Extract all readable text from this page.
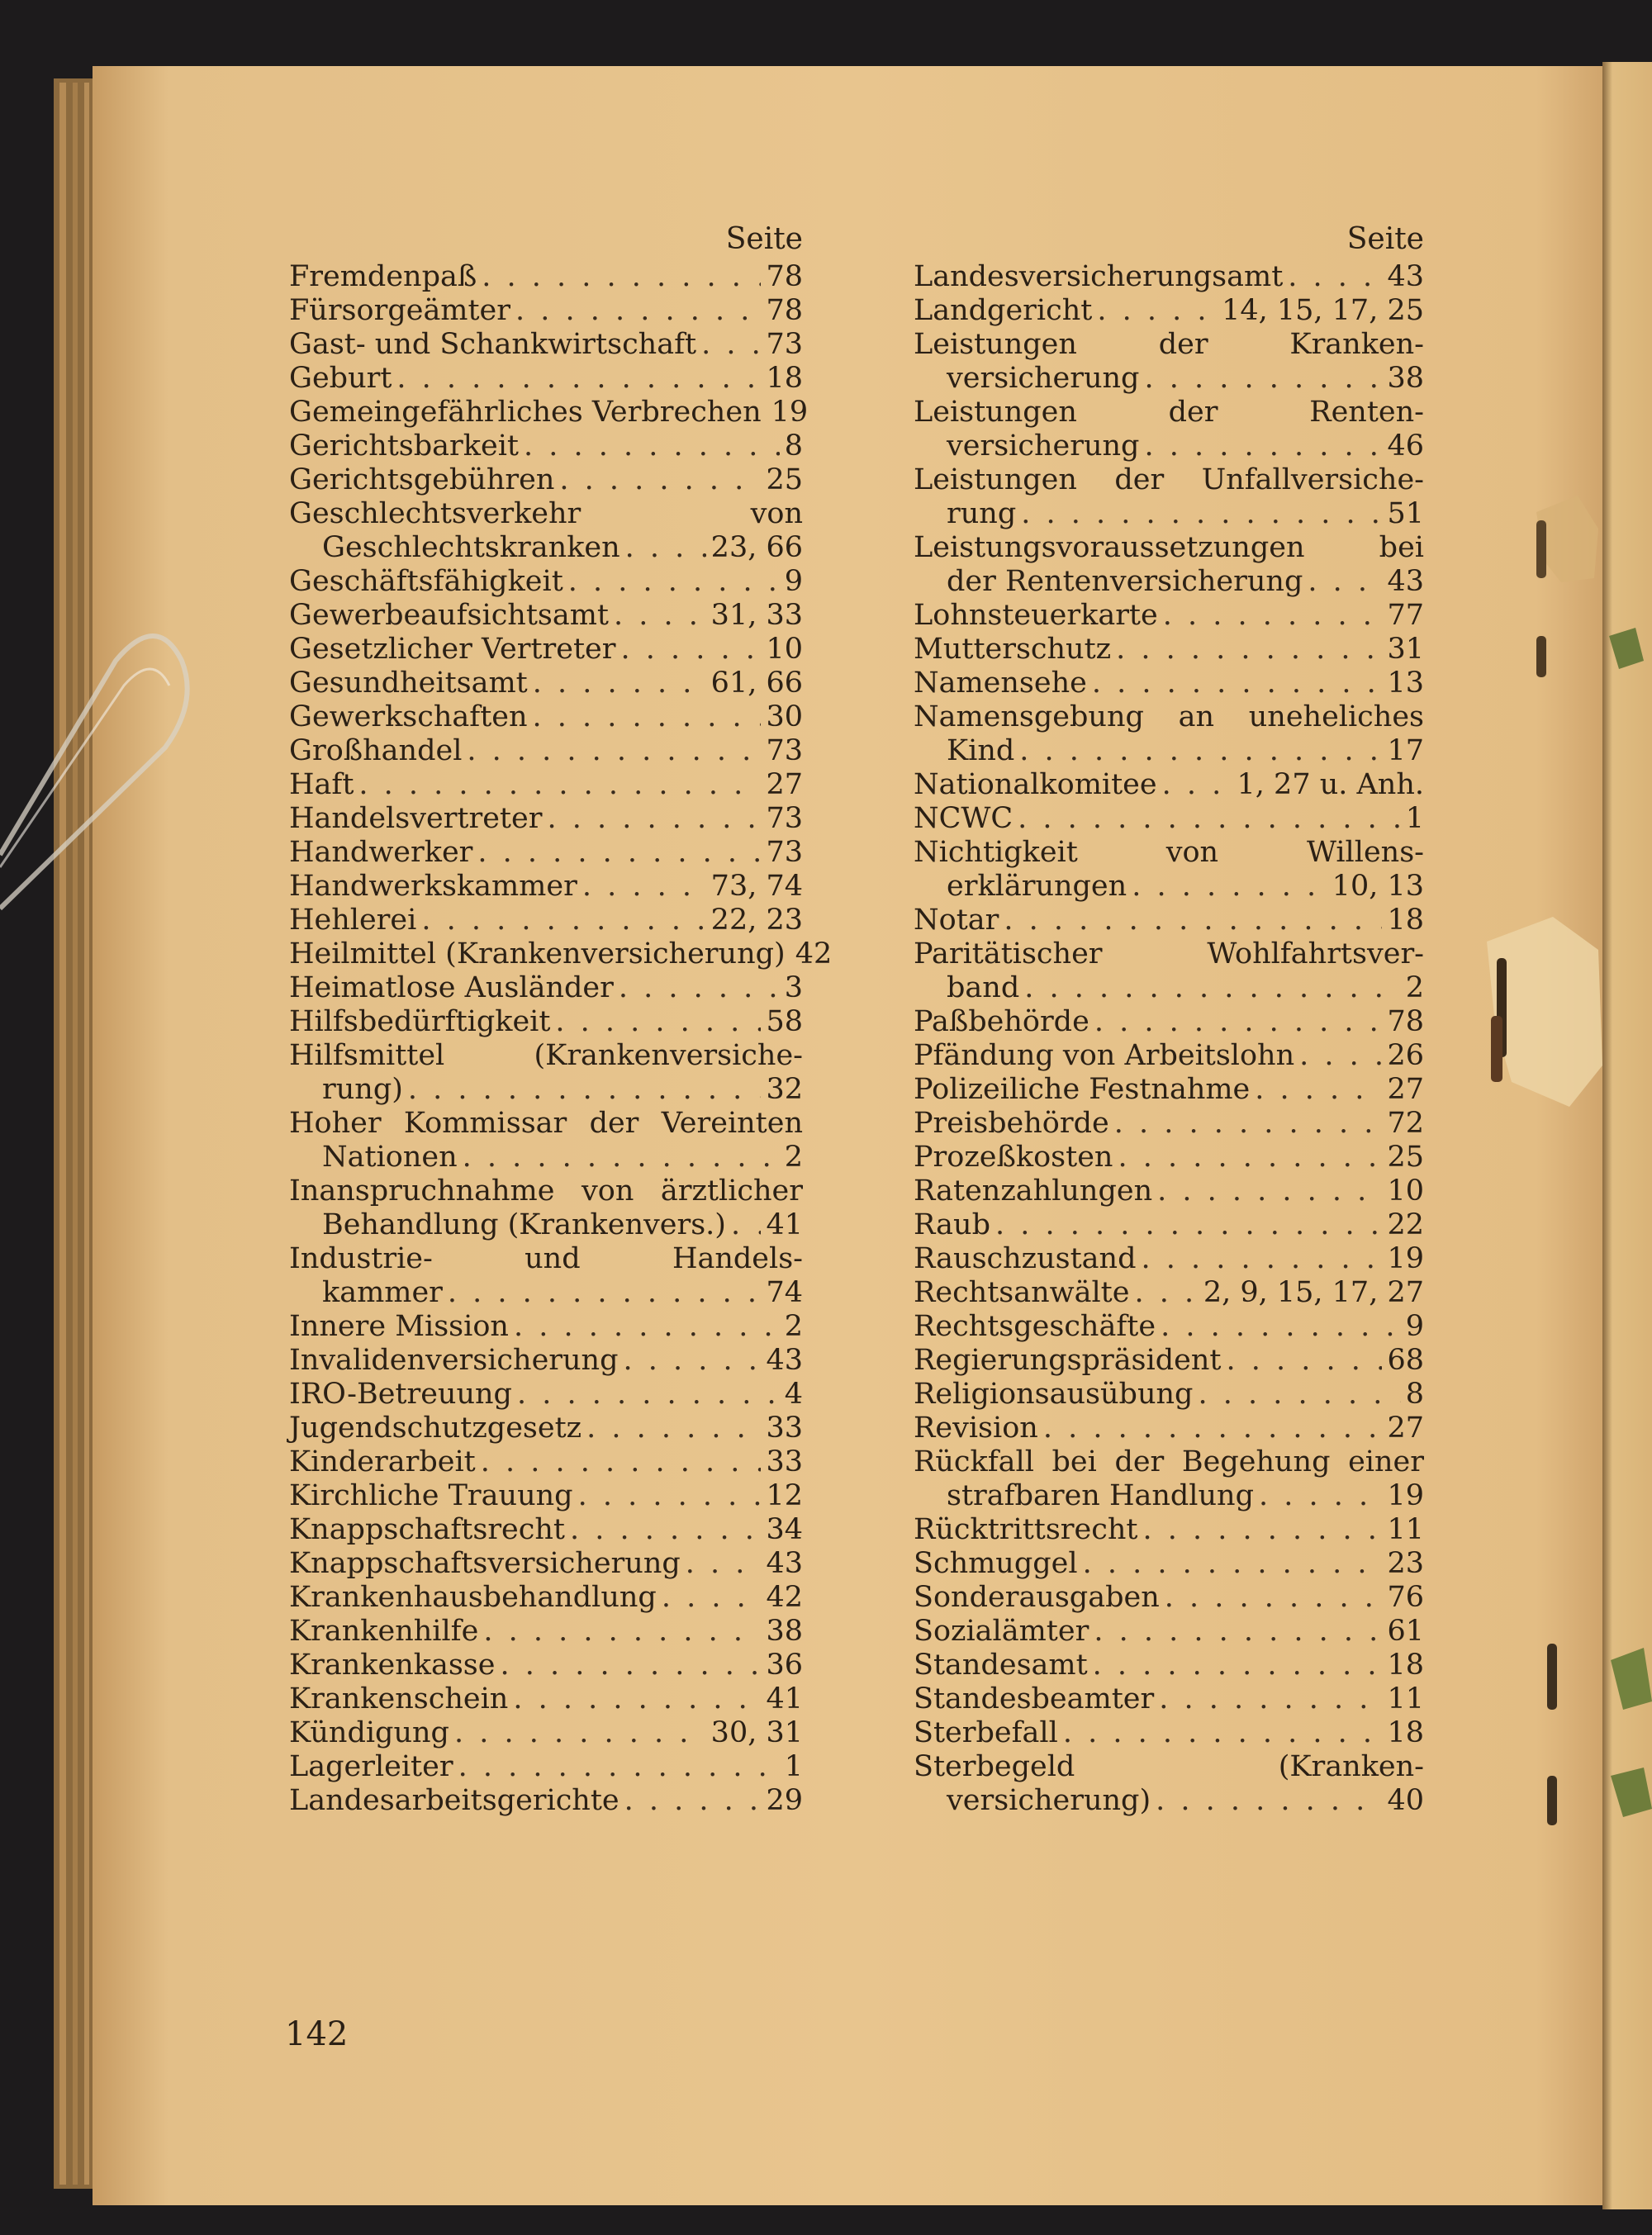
Seite
Fremdenpaß . . .	78
Fürsorgeämter . . .	78
Gast- und Schankwirtschaft . . . 73
Geburt . . .	18
Gemeingefährliches Verbrechen 19
Gerichtsbarkeit . . .	8
Gerichtsgebühren . . .	25
Geschlechtsverkehr von
Geschlechtskranken . . .	23, 66
Geschäftsfähigkeit . . .	9
Gewerbeaufsichtsamt . . .	31, 33
Gesetzlicher Vertreter . . .	10
Gesundheitsamt . . .	61, 66
Gewerkschaften . . .	30
Großhandel . . .	73
Haft . . .	27
Handelsvertreter . . .	73
Handwerker . . .	73
Handwerkskammer . . .	73, 74
Hehlerei . . .	22, 23
Heilmittel (Krankenversicherung) 42
Heimatlose Ausländer . . .	3
Hilfsbedürftigkeit . . .	58
Hilfsmittel (Krankenversiche-
rung) . . .	32
Hoher Kommissar der Vereinten
Nationen . . .	2
Inanspruchnahme von ärztlicher
Behandlung (Krankenvers.) . . . 41
Industrie- und Handels-
kammer . . .	74
Innere Mission . . .	2
Invalidenversicherung . . .	43
IRO-Betreuung . . .	4
Jugendschutzgesetz . . .	33
Kinderarbeit . . .	33
Kirchliche Trauung . . .	12
Knappschaftsrecht . . .	34
Knappschaftsversicherung . . .	43
Krankenhausbehandlung . . .	42
Krankenhilfe . . .	38
Krankenkasse . . .	36
Krankenschein . . .	41
Kündigung . . .	30, 31
Lagerleiter . . .	1
Landesarbeitsgerichte . . .	29
Seite
Landesversicherungsamt . . .	43
Landgericht . . .	14, 15, 17, 25
Leistungen der Kranken-
versicherung . . .	38
Leistungen der Renten-
versicherung . . .	46
Leistungen der Unfallversiche-
rung . . .	51
Leistungsvoraussetzungen bei
der Rentenversicherung . . .	43
Lohnsteuerkarte . . .	77
Mutterschutz . . .	31
Namensehe . . .	13
Namensgebung an uneheliches
Kind . . .	17
Nationalkomitee . . .	1, 27 u. Anh.
NCWC . . .	1
Nichtigkeit von Willens-
erklärungen . . .	10, 13
Notar . . .	18
Paritätischer Wohlfahrtsver-
band . . .	2
Paßbehörde . . .	78
Pfändung von Arbeitslohn . . .	26
Polizeiliche Festnahme . . .	27
Preisbehörde . . .	72
Prozeßkosten . . .	25
Ratenzahlungen . . .	10
Raub . . .	22
Rauschzustand . . .	19
Rechtsanwälte . . .	2, 9, 15, 17, 27
Rechtsgeschäfte . . .	9
Regierungspräsident . . .	68
Religionsausübung . . .	8
Revision . . .	27
Rückfall bei der Begehung einer
strafbaren Handlung . . .	19
Rücktrittsrecht . . .	11
Schmuggel . . .	23
Sonderausgaben . . .	76
Sozialämter . . .	61
Standesamt . . .	18
Standesbeamter . . .	11
Sterbefall . . .	18
Sterbegeld (Kranken-
versicherung) . . .	40
142
